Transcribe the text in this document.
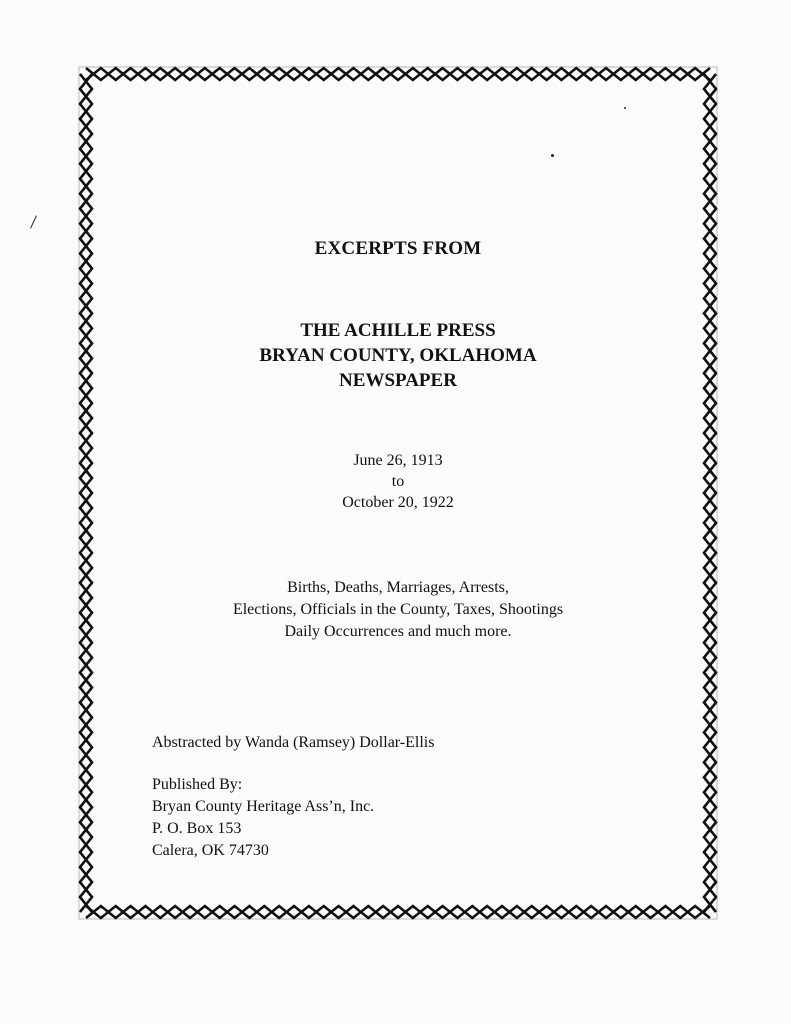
EXCERPTS FROM
THE ACHILLE PRESS
BRYAN COUNTY, OKLAHOMA
NEWSPAPER
June 26, 1913
to
October 20, 1922
Births, Deaths, Marriages, Arrests,
Elections, Officials in the County, Taxes, Shootings
Daily Occurrences and much more.
Abstracted by Wanda (Ramsey) Dollar-Ellis
Published By:
Bryan County Heritage Ass’n, Inc.
P. O. Box 153
Calera, OK 74730
